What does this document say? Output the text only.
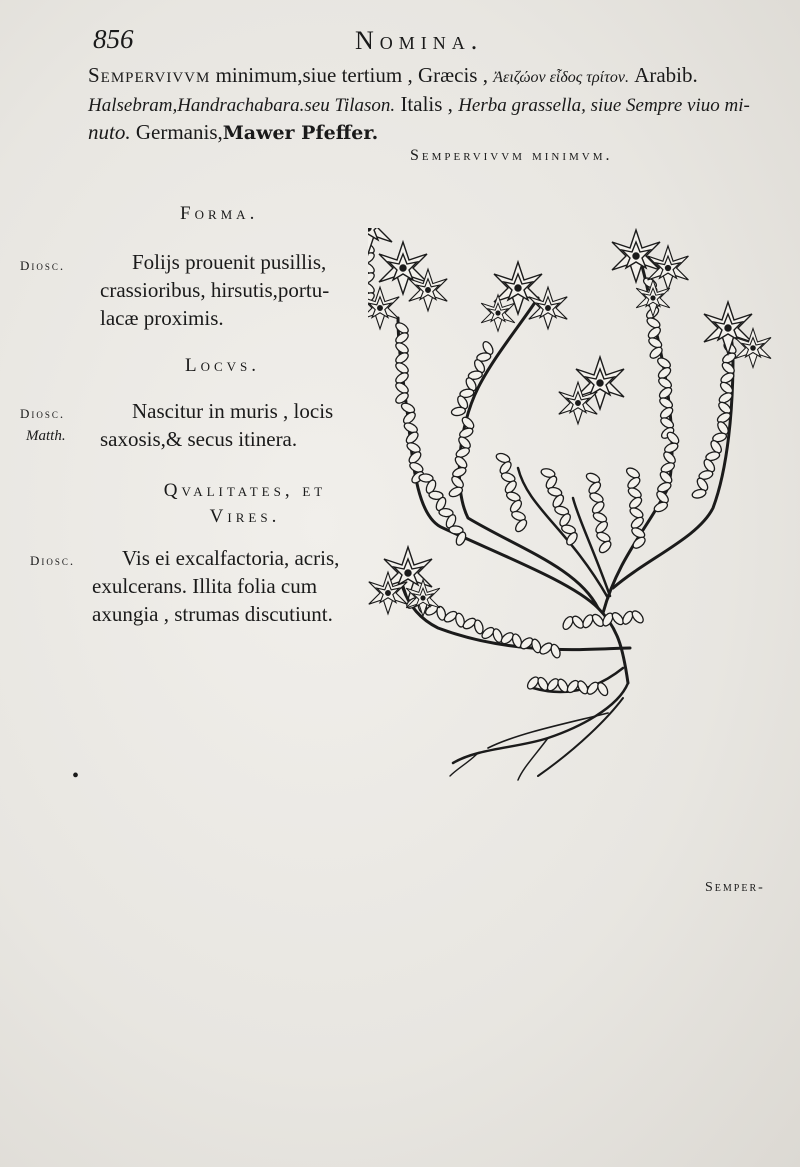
856	Nomina.
Sempervivvm minimum,siue tertium , Græcis , Ἀειζώον εἶδος τρίτον. Arabib.
Halsebram,Handrachabara.seu Tilason. Italis , Herba grassella, siue Sempre viuo mi-
nuto. Germanis,Mawer Pfeffer.
Sempervivvm minimvm.
Forma.
Diosc.	Folijs prouenit pusillis,
crassioribus, hirsutis,portu-
lacæ proximis.
Locvs.
Diosc.
Matth.
Nascitur in muris , locis
saxosis,& secus itinera.
Qvalitates, et Vires.
Diosc.	Vis ei excalfactoria, acris,
exulcerans. Illita folia cum
axungia , strumas discutiunt.
•
Semper-
